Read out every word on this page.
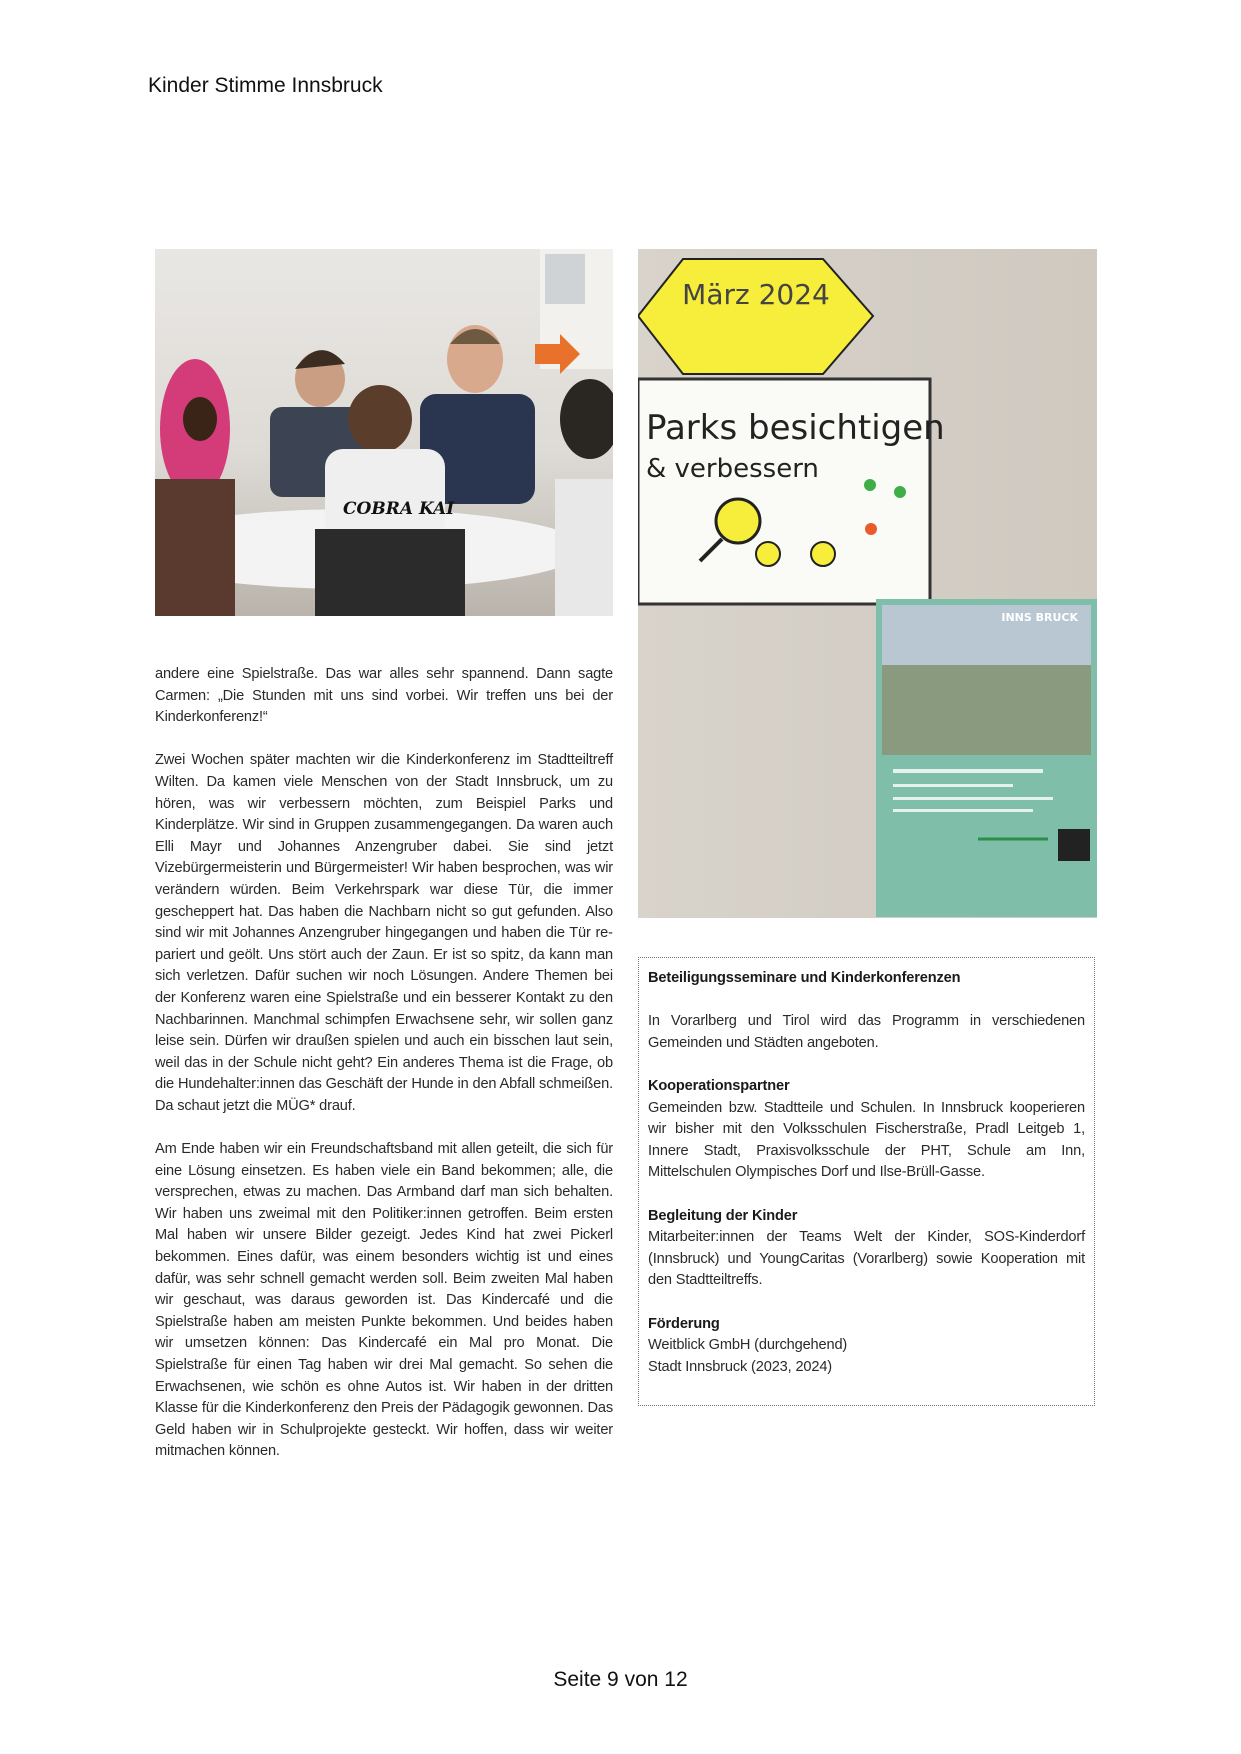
Kinder Stimme Innsbruck
COBRA KAI
März 2024
Parks besichtigen
& verbessern
INNS BRUCK

andere eine Spielstraße. Das war alles sehr spannend. Dann sagte Carmen: „Die Stunden mit uns sind vorbei. Wir treffen uns bei der Kinderkonferenz!“

Zwei Wochen später machten wir die Kinderkonferenz im Stadtteiltreff Wilten. Da kamen viele Menschen von der Stadt Innsbruck, um zu hören, was wir verbessern möchten, zum Beispiel Parks und Kinderplätze. Wir sind in Gruppen zusammengegangen. Da waren auch Elli Mayr und Johannes Anzengruber dabei. Sie sind jetzt Vizebürgermeisterin und Bürgermeister! Wir haben besprochen, was wir verändern würden. Beim Verkehrspark war diese Tür, die immer gescheppert hat. Das haben die Nachbarn nicht so gut gefunden. Also sind wir mit Johannes Anzengruber hingegangen und haben die Tür repariert und geölt. Uns stört auch der Zaun. Er ist so spitz, da kann man sich verletzen. Dafür suchen wir noch Lösungen. Andere Themen bei der Konferenz waren eine Spielstraße und ein besserer Kontakt zu den Nachbarinnen. Manchmal schimpfen Erwachsene sehr, wir sollen ganz leise sein. Dürfen wir draußen spielen und auch ein bisschen laut sein, weil das in der Schule nicht geht? Ein anderes Thema ist die Frage, ob die Hundehalter:innen das Geschäft der Hunde in den Abfall schmeißen. Da schaut jetzt die MÜG* drauf.

Am Ende haben wir ein Freundschaftsband mit allen geteilt, die sich für eine Lösung einsetzen. Es haben viele ein Band bekommen; alle, die versprechen, etwas zu machen. Das Armband darf man sich behalten. Wir haben uns zweimal mit den Politiker:innen getroffen. Beim ersten Mal haben wir unsere Bilder gezeigt. Jedes Kind hat zwei Pickerl bekommen. Eines dafür, was einem besonders wichtig ist und eines dafür, was sehr schnell gemacht werden soll. Beim zweiten Mal haben wir geschaut, was daraus geworden ist. Das Kindercafé und die Spielstraße haben am meisten Punkte bekommen. Und beides haben wir umsetzen können: Das Kindercafé ein Mal pro Monat. Die Spielstraße für einen Tag haben wir drei Mal gemacht. So sehen die Erwachsenen, wie schön es ohne Autos ist. Wir haben in der dritten Klasse für die Kinderkonferenz den Preis der Pädagogik gewonnen. Das Geld haben wir in Schulprojekte gesteckt. Wir hoffen, dass wir weiter mitmachen können.

Beteiligungsseminare und Kinderkonferenzen

In Vorarlberg und Tirol wird das Programm in verschiedenen Gemeinden und Städten angeboten.

Kooperationspartner

Gemeinden bzw. Stadtteile und Schulen. In Innsbruck kooperieren wir bisher mit den Volksschulen Fischerstraße, Pradl Leitgeb 1, Innere Stadt, Praxisvolksschule der PHT, Schule am Inn, Mittelschulen Olympisches Dorf und Ilse-Brüll-Gasse.

Begleitung der Kinder

Mitarbeiter:innen der Teams Welt der Kinder, SOS-Kinderdorf (Innsbruck) und YoungCaritas (Vorarlberg) sowie Kooperation mit den Stadtteiltreffs.

Förderung
Weitblick GmbH (durchgehend)
Stadt Innsbruck (2023, 2024)
Seite 9 von 12
